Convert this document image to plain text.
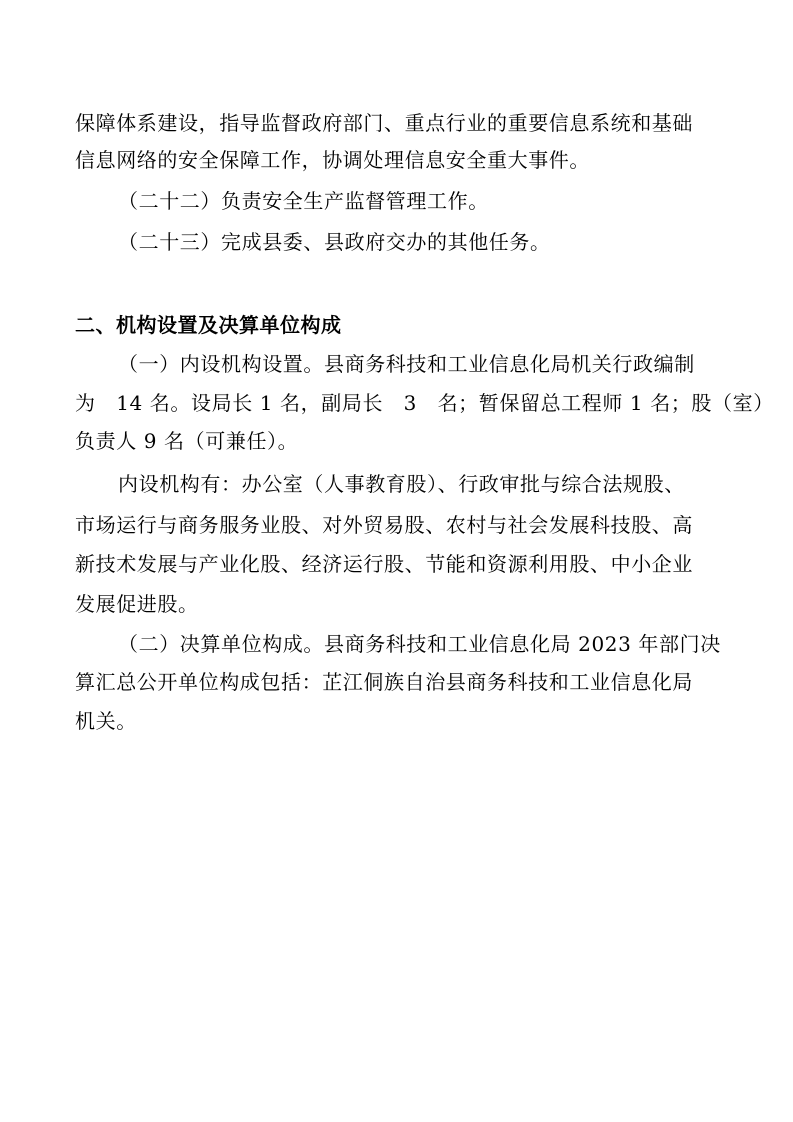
保障体系建设，指导监督政府部门、重点行业的重要信息系统和基础
信息网络的安全保障工作，协调处理信息安全重大事件。
（二十二）负责安全生产监督管理工作。
（二十三）完成县委、县政府交办的其他任务。
二、机构设置及决算单位构成
（一）内设机构设置。县商务科技和工业信息化局机关行政编制
为　14 名。设局长 1 名，副局长　3　名；暂保留总工程师 1 名；股（室）
负责人 9 名（可兼任）。
内设机构有：办公室（人事教育股）、行政审批与综合法规股、
市场运行与商务服务业股、对外贸易股、农村与社会发展科技股、高
新技术发展与产业化股、经济运行股、节能和资源利用股、中小企业
发展促进股。
（二）决算单位构成。县商务科技和工业信息化局 2023 年部门决
算汇总公开单位构成包括：芷江侗族自治县商务科技和工业信息化局
机关。
